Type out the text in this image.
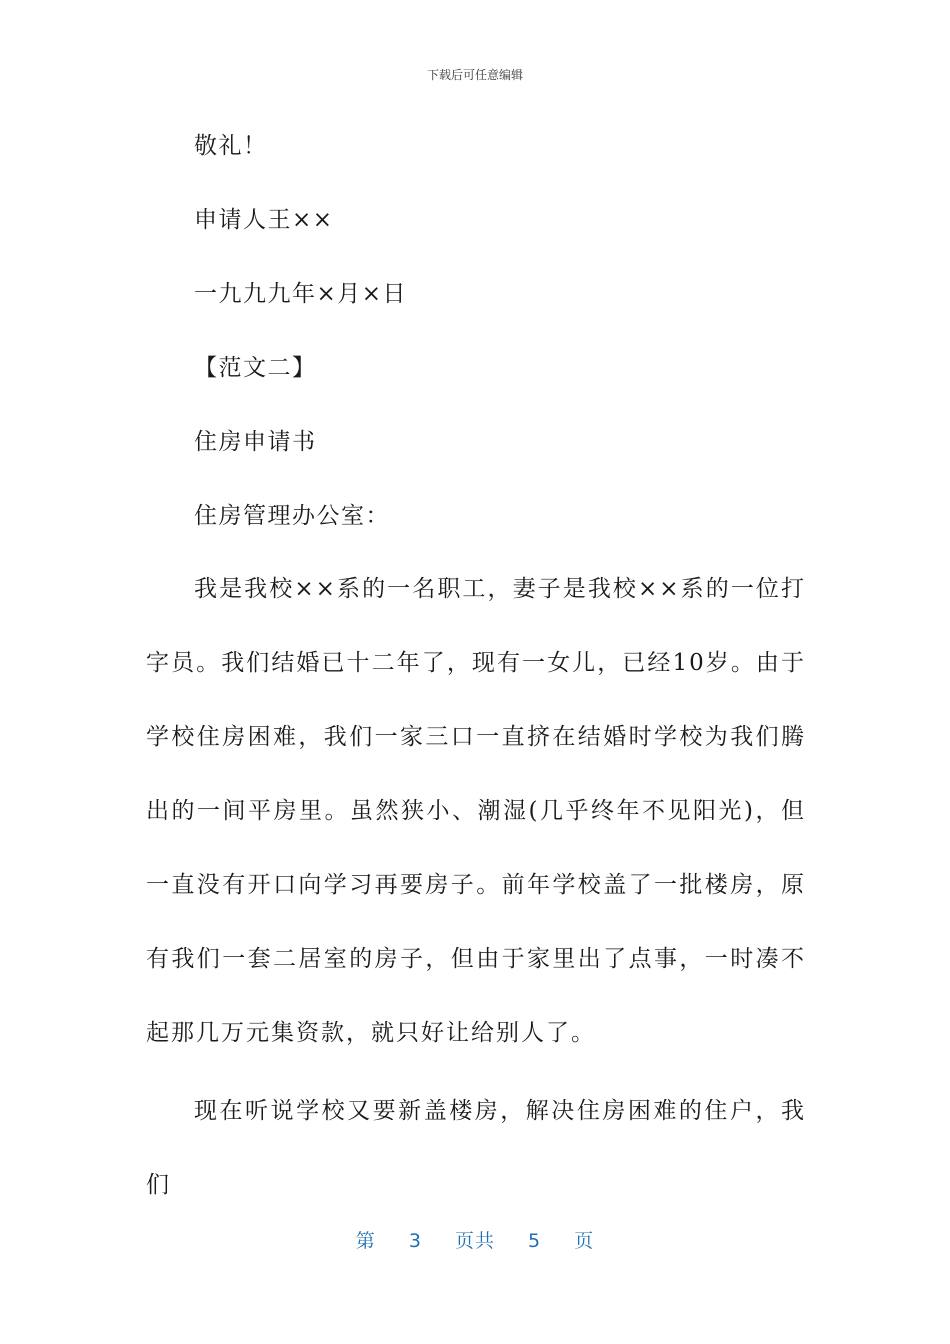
下载后可任意编辑

敬礼！

申请人王××

一九九九年×月×日

【范文二】

住房申请书

住房管理办公室：

我是我校××系的一名职工，妻子是我校××系的一位打字员。我们结婚已十二年了，现有一女儿，已经10岁。由于学校住房困难，我们一家三口一直挤在结婚时学校为我们腾出的一间平房里。虽然狭小、潮湿(几乎终年不见阳光)，但一直没有开口向学习再要房子。前年学校盖了一批楼房，原有我们一套二居室的房子，但由于家里出了点事，一时凑不起那几万元集资款，就只好让给别人了。

现在听说学校又要新盖楼房，解决住房困难的住户，我们

第 3 页共 5 页
